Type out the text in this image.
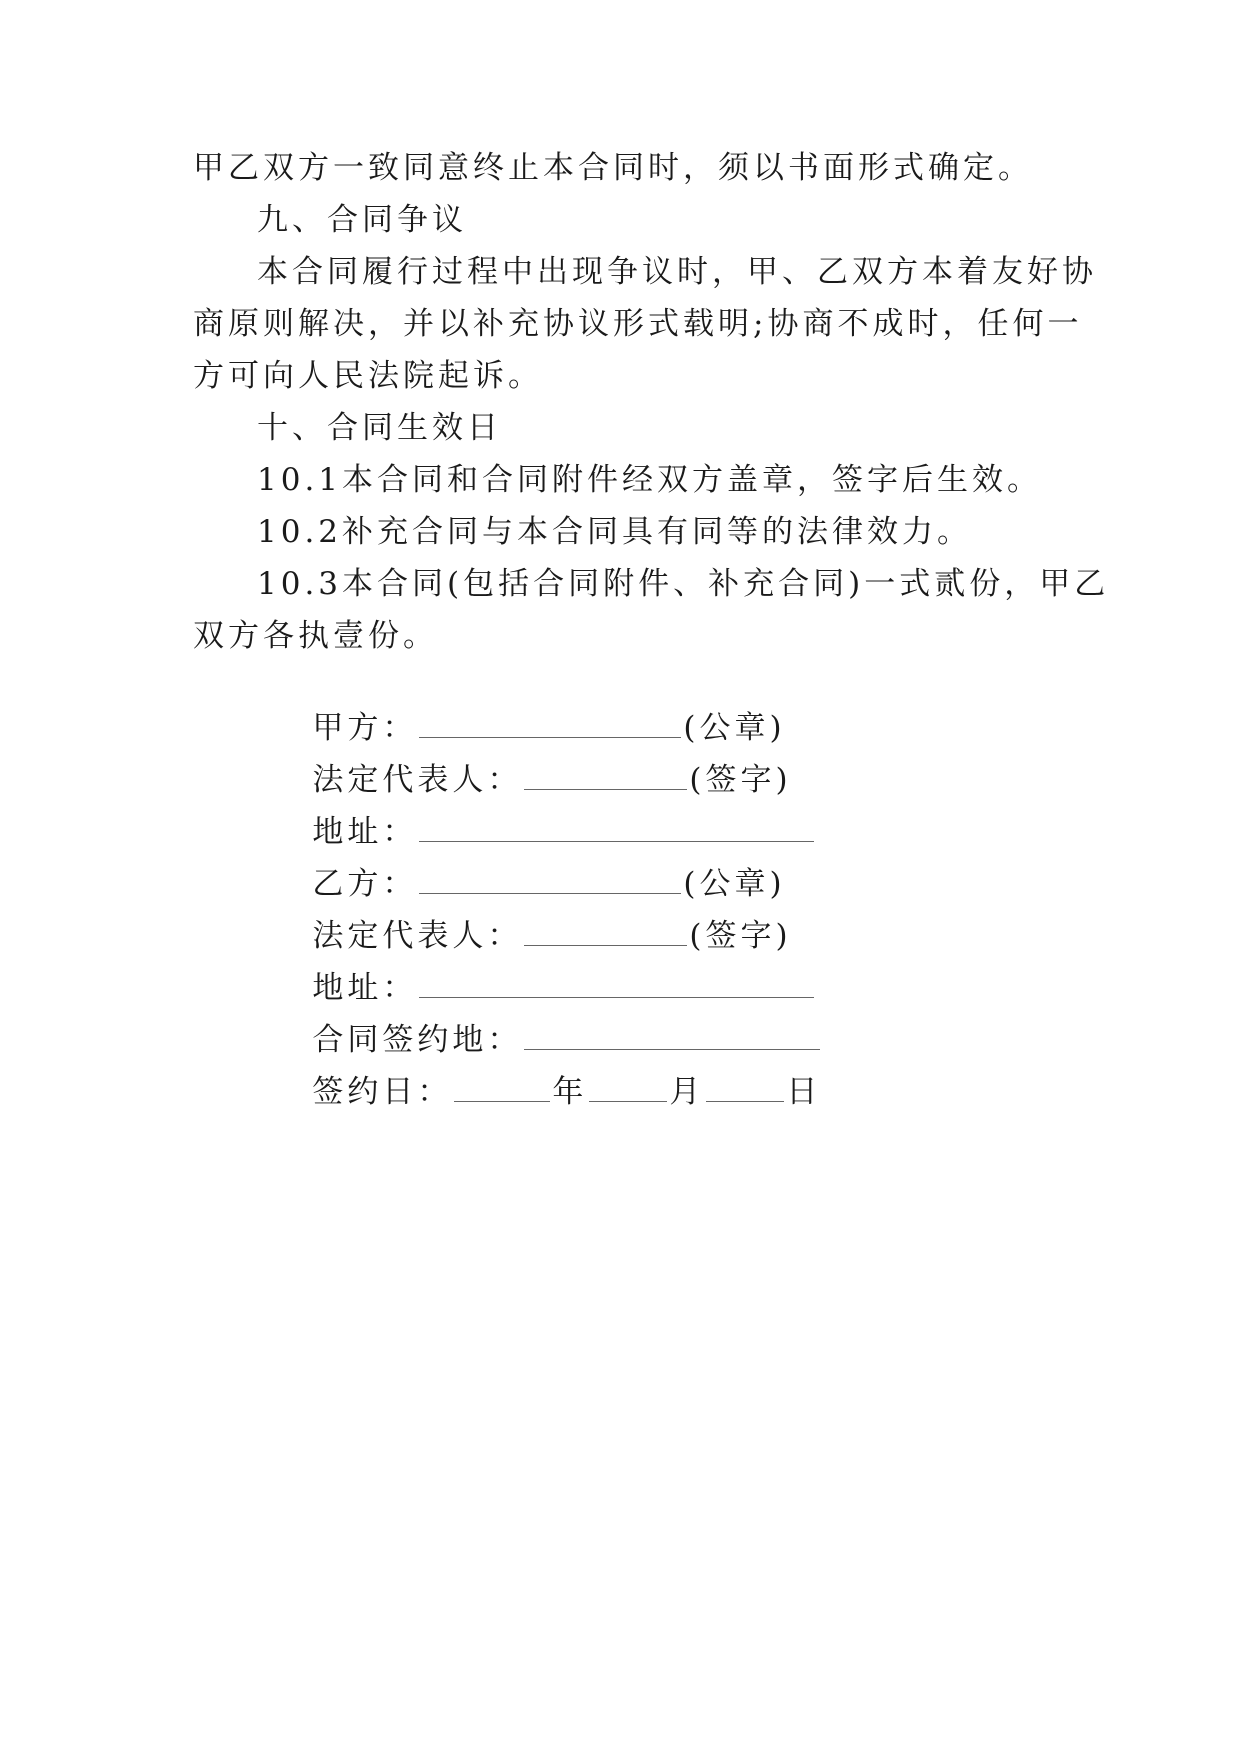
甲乙双方一致同意终止本合同时，须以书面形式确定。
九、合同争议
本合同履行过程中出现争议时，甲、乙双方本着友好协
商原则解决，并以补充协议形式载明;协商不成时，任何一
方可向人民法院起诉。
十、合同生效日
10.1本合同和合同附件经双方盖章，签字后生效。
10.2补充合同与本合同具有同等的法律效力。
10.3本合同(包括合同附件、补充合同)一式贰份，甲乙
双方各执壹份。

甲方：	(公章)

法定代表人：	(签字)

地址：

乙方：	(公章)

法定代表人：	(签字)

地址：

合同签约地：

签约日：	年	月	日
